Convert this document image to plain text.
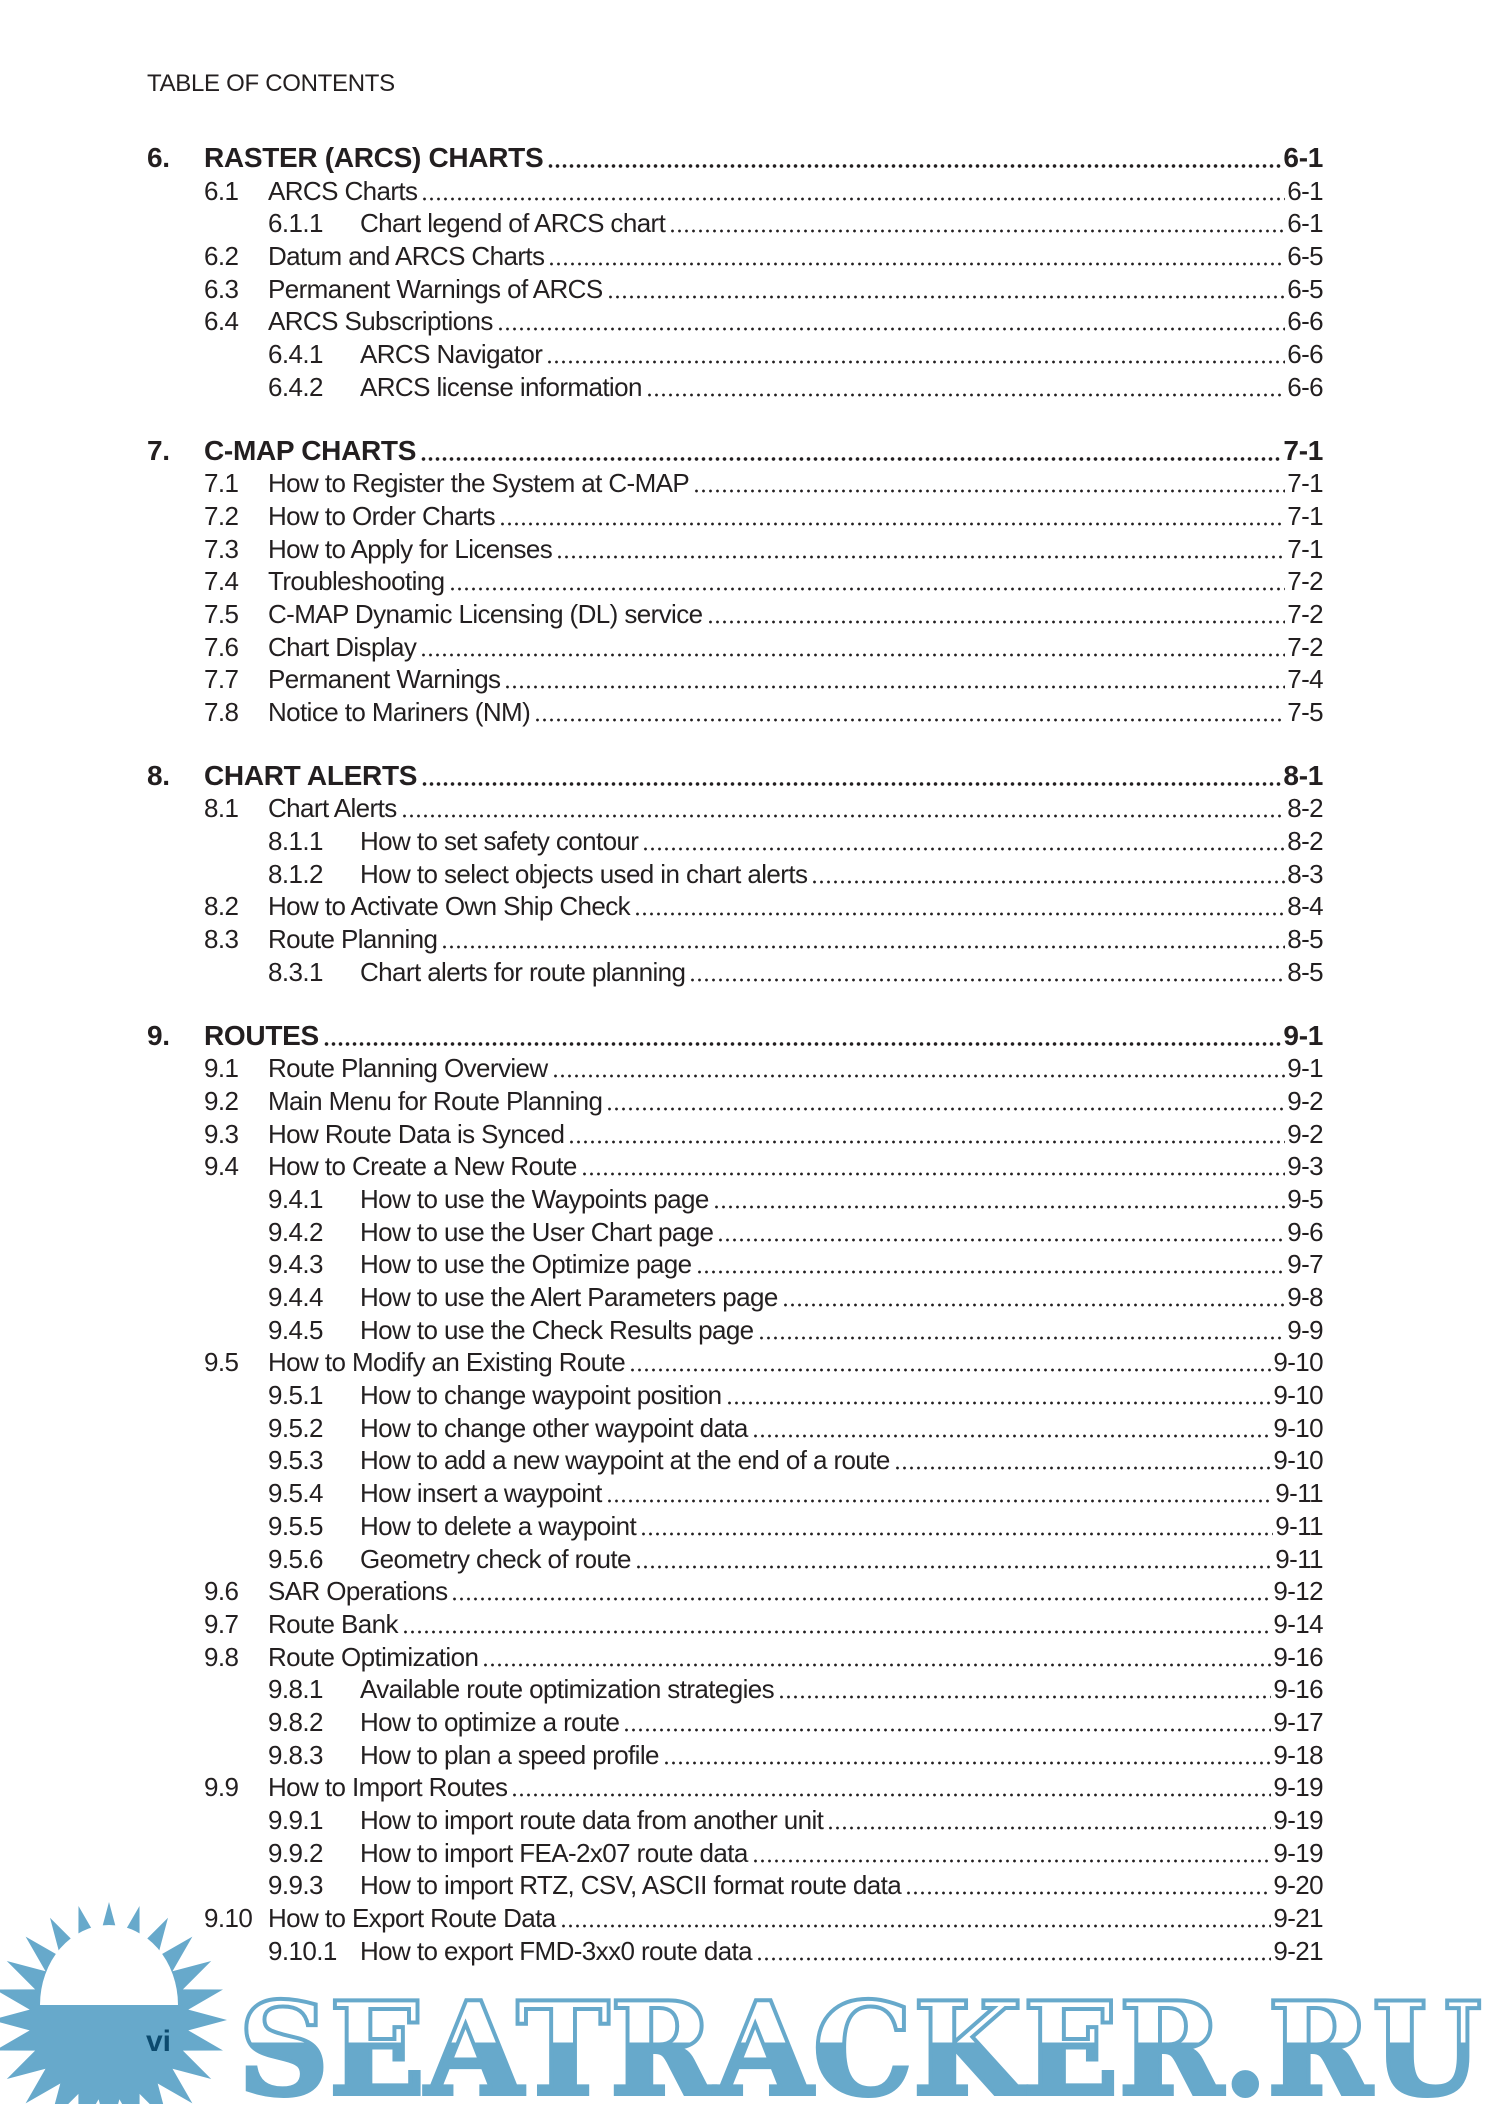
TABLE OF CONTENTS
6. RASTER (ARCS) CHARTS	6-1
6.1 ARCS Charts	6-1
6.1.1 Chart legend of ARCS chart	6-1
6.2 Datum and ARCS Charts	6-5
6.3 Permanent Warnings of ARCS	6-5
6.4 ARCS Subscriptions	6-6
6.4.1 ARCS Navigator	6-6
6.4.2 ARCS license information	6-6
7. C-MAP CHARTS	7-1
7.1 How to Register the System at C-MAP	7-1
7.2 How to Order Charts	7-1
7.3 How to Apply for Licenses	7-1
7.4 Troubleshooting	7-2
7.5 C-MAP Dynamic Licensing (DL) service	7-2
7.6 Chart Display	7-2
7.7 Permanent Warnings	7-4
7.8 Notice to Mariners (NM)	7-5
8. CHART ALERTS	8-1
8.1 Chart Alerts	8-2
8.1.1 How to set safety contour	8-2
8.1.2 How to select objects used in chart alerts	8-3
8.2 How to Activate Own Ship Check	8-4
8.3 Route Planning	8-5
8.3.1 Chart alerts for route planning	8-5
9. ROUTES	9-1
9.1 Route Planning Overview	9-1
9.2 Main Menu for Route Planning	9-2
9.3 How Route Data is Synced	9-2
9.4 How to Create a New Route	9-3
9.4.1 How to use the Waypoints page	9-5
9.4.2 How to use the User Chart page	9-6
9.4.3 How to use the Optimize page	9-7
9.4.4 How to use the Alert Parameters page	9-8
9.4.5 How to use the Check Results page	9-9
9.5 How to Modify an Existing Route	9-10
9.5.1 How to change waypoint position	9-10
9.5.2 How to change other waypoint data	9-10
9.5.3 How to add a new waypoint at the end of a route	9-10
9.5.4 How insert a waypoint	9-11
9.5.5 How to delete a waypoint	9-11
9.5.6 Geometry check of route	9-11
9.6 SAR Operations	9-12
9.7 Route Bank	9-14
9.8 Route Optimization	9-16
9.8.1 Available route optimization strategies	9-16
9.8.2 How to optimize a route	9-17
9.8.3 How to plan a speed profile	9-18
9.9 How to Import Routes	9-19
9.9.1 How to import route data from another unit	9-19
9.9.2 How to import FEA-2x07 route data	9-19
9.9.3 How to import RTZ, CSV, ASCII format route data	9-20
9.10 How to Export Route Data	9-21
9.10.1 How to export FMD-3xx0 route data	9-21
SEATRACKER.RU
vi
